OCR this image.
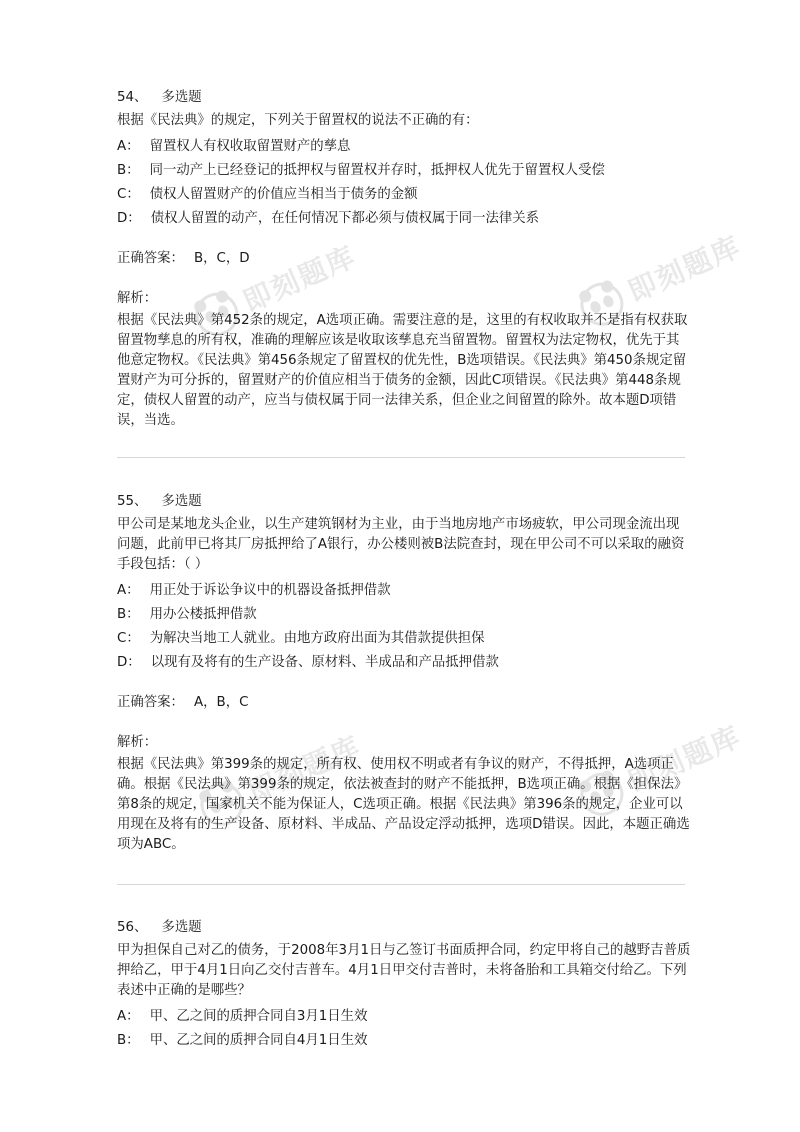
即刻题库	即刻题库
即刻题库	即刻题库
54、 多选题
根据《民法典》的规定，下列关于留置权的说法不正确的有：
A： 留置权人有权收取留置财产的孳息
B： 同一动产上已经登记的抵押权与留置权并存时，抵押权人优先于留置权人受偿
C： 债权人留置财产的价值应当相当于债务的金额
D： 债权人留置的动产，在任何情况下都必须与债权属于同一法律关系
正确答案： B，C，D
解析：
根据《民法典》第452条的规定，A选项正确。需要注意的是，这里的有权收取并不是指有权获取留置物孳息的所有权，准确的理解应该是收取该孳息充当留置物。留置权为法定物权，优先于其他意定物权。《民法典》第456条规定了留置权的优先性，B选项错误。《民法典》第450条规定留置财产为可分拆的，留置财产的价值应相当于债务的金额，因此C项错误。《民法典》第448条规定，债权人留置的动产，应当与债权属于同一法律关系，但企业之间留置的除外。故本题D项错误，当选。
55、 多选题
甲公司是某地龙头企业，以生产建筑钢材为主业，由于当地房地产市场疲软，甲公司现金流出现问题，此前甲已将其厂房抵押给了A银行，办公楼则被B法院查封，现在甲公司不可以采取的融资手段包括：（ ）
A： 用正处于诉讼争议中的机器设备抵押借款
B： 用办公楼抵押借款
C： 为解决当地工人就业。由地方政府出面为其借款提供担保
D： 以现有及将有的生产设备、原材料、半成品和产品抵押借款
正确答案： A，B，C
解析：
根据《民法典》第399条的规定，所有权、使用权不明或者有争议的财产，不得抵押，A选项正确。根据《民法典》第399条的规定，依法被查封的财产不能抵押，B选项正确。根据《担保法》第8条的规定，国家机关不能为保证人，C选项正确。根据《民法典》第396条的规定，企业可以用现在及将有的生产设备、原材料、半成品、产品设定浮动抵押，选项D错误。因此，本题正确选项为ABC。
56、 多选题
甲为担保自己对乙的债务，于2008年3月1日与乙签订书面质押合同，约定甲将自己的越野吉普质押给乙，甲于4月1日向乙交付吉普车。4月1日甲交付吉普时，未将备胎和工具箱交付给乙。下列表述中正确的是哪些？
A： 甲、乙之间的质押合同自3月1日生效
B： 甲、乙之间的质押合同自4月1日生效
